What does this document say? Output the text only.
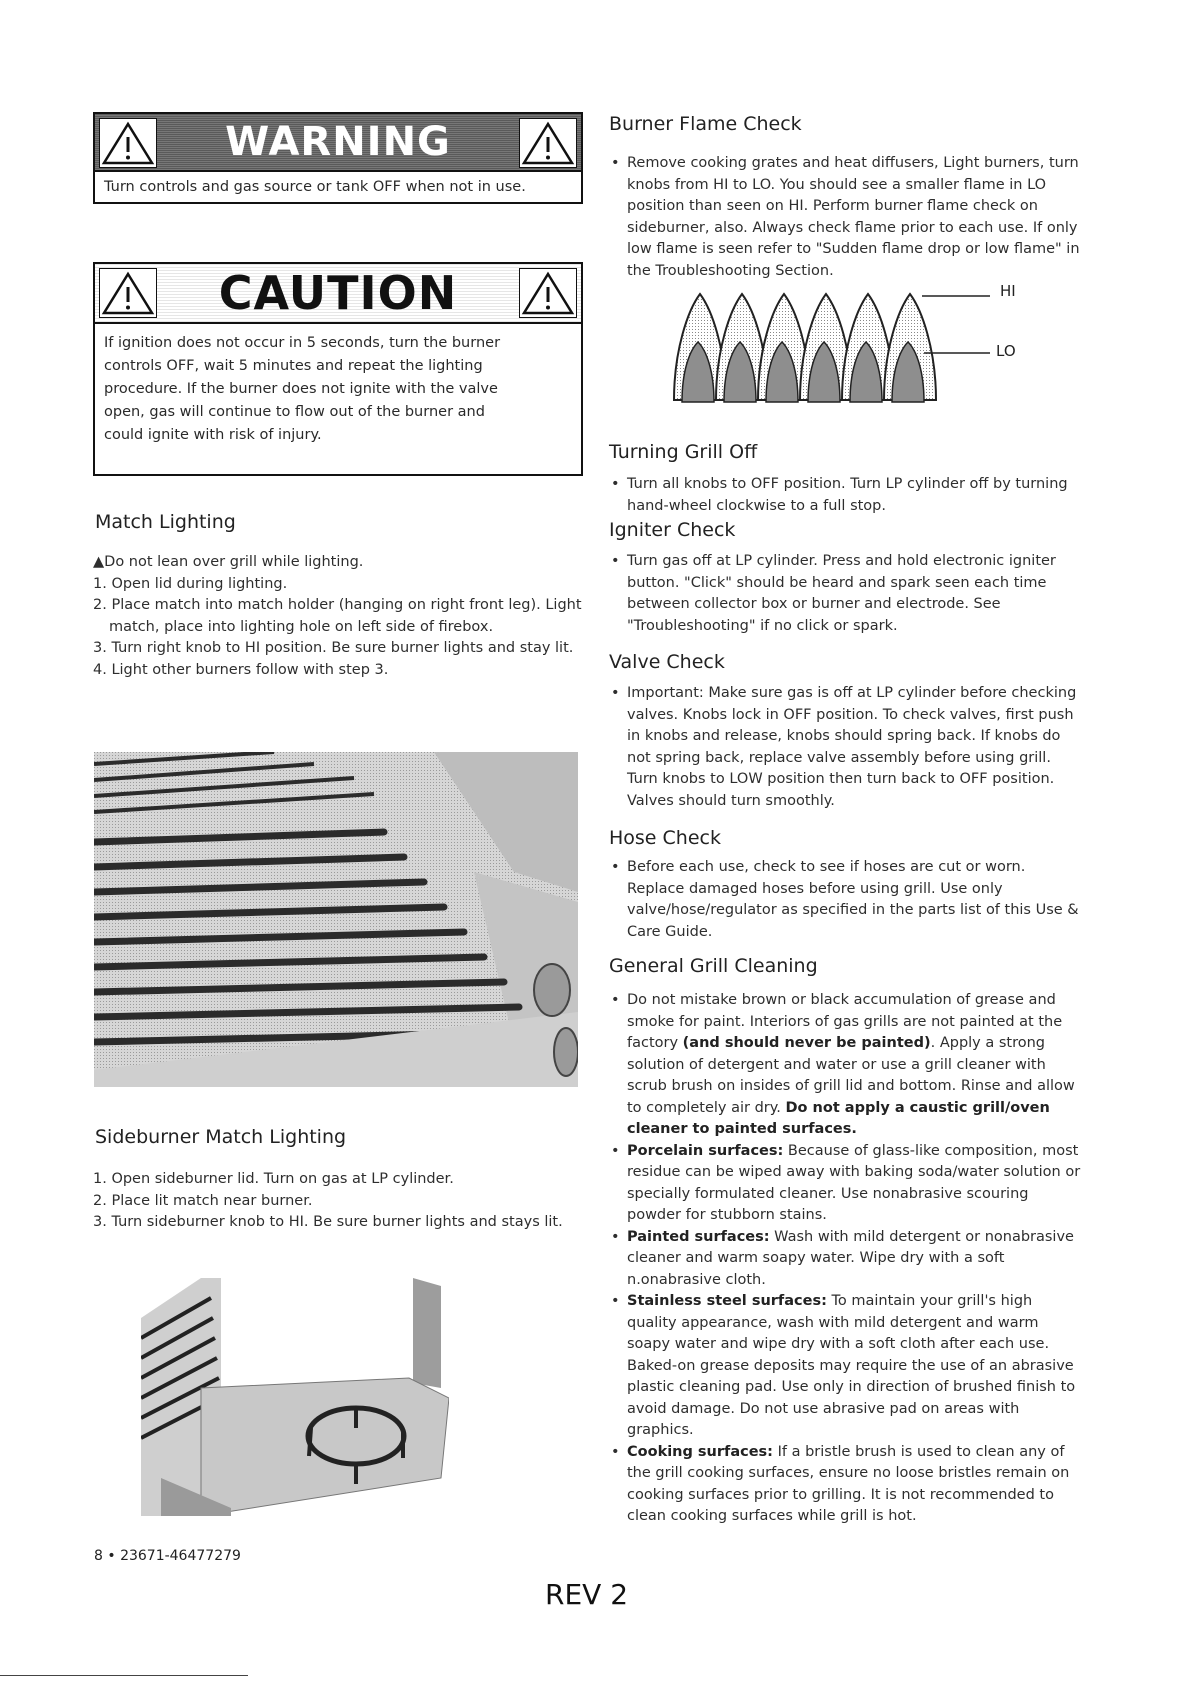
WARNING
Turn controls and gas source or tank OFF when not in use.
CAUTION
If ignition does not occur in 5 seconds, turn the burner
controls OFF, wait 5 minutes and repeat the lighting
procedure. If the burner does not ignite with the valve
open, gas will continue to flow out of the burner and
could ignite with risk of injury.
Match Lighting
▲Do not lean over grill while lighting.
1. Open lid during lighting.
2. Place match into match holder (hanging on right front leg). Light match, place into lighting hole on left side of firebox.
3. Turn right knob to HI position. Be sure burner lights and stay lit.
4. Light other burners follow with step 3.
Sideburner Match Lighting
1. Open sideburner lid. Turn on gas at LP cylinder.
2. Place lit match near burner.
3. Turn sideburner knob to HI. Be sure burner lights and stays lit.
Burner Flame Check
• Remove cooking grates and heat diffusers, Light burners, turn knobs from HI to LO. You should see a smaller flame in LO position than seen on HI. Perform burner flame check on sideburner, also. Always check flame prior to each use. If only low flame is seen refer to "Sudden flame drop or low flame" in the Troubleshooting Section.
HI
LO
Turning Grill Off
• Turn all knobs to OFF position. Turn LP cylinder off by turning hand-wheel clockwise to a full stop.
Igniter Check
• Turn gas off at LP cylinder. Press and hold electronic igniter button. "Click" should be heard and spark seen each time between collector box or burner and electrode. See "Troubleshooting" if no click or spark.
Valve Check
• Important: Make sure gas is off at LP cylinder before checking valves. Knobs lock in OFF position. To check valves, first push in knobs and release, knobs should spring back. If knobs do not spring back, replace valve assembly before using grill. Turn knobs to LOW position then turn back to OFF position. Valves should turn smoothly.
Hose Check
• Before each use, check to see if hoses are cut or worn. Replace damaged hoses before using grill. Use only valve/hose/regulator as specified in the parts list of this Use & Care Guide.
General Grill Cleaning
• Do not mistake brown or black accumulation of grease and smoke for paint. Interiors of gas grills are not painted at the factory (and should never be painted). Apply a strong solution of detergent and water or use a grill cleaner with scrub brush on insides of grill lid and bottom. Rinse and allow to completely air dry. Do not apply a caustic grill/oven cleaner to painted surfaces.
• Porcelain surfaces: Because of glass-like composition, most residue can be wiped away with baking soda/water solution or specially formulated cleaner. Use nonabrasive scouring powder for stubborn stains.
• Painted surfaces: Wash with mild detergent or nonabrasive cleaner and warm soapy water. Wipe dry with a soft n.onabrasive cloth.
• Stainless steel surfaces: To maintain your grill's high quality appearance, wash with mild detergent and warm soapy water and wipe dry with a soft cloth after each use. Baked-on grease deposits may require the use of an abrasive plastic cleaning pad. Use only in direction of brushed finish to avoid damage. Do not use abrasive pad on areas with graphics.
• Cooking surfaces: If a bristle brush is used to clean any of the grill cooking surfaces, ensure no loose bristles remain on cooking surfaces prior to grilling. It is not recommended to clean cooking surfaces while grill is hot.
8 • 23671-46477279
REV 2
